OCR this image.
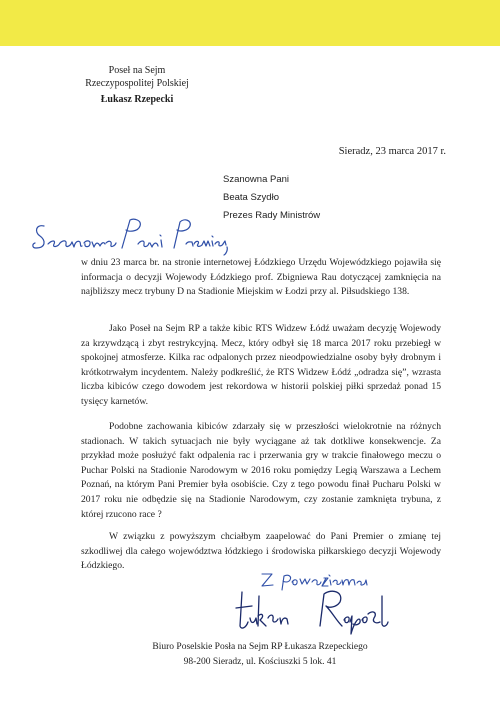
Poseł na Sejm
Rzeczypospolitej Polskiej
Łukasz Rzepecki
Sieradz, 23 marca 2017 r.
Szanowna Pani
Beata Szydło
Prezes Rady Ministrów

w dniu 23 marca br. na stronie internetowej Łódzkiego Urzędu Wojewódzkiego pojawiła się informacja o decyzji Wojewody Łódzkiego prof. Zbigniewa Rau dotyczącej zamknięcia na najbliższy mecz trybuny D na Stadionie Miejskim w Łodzi przy al. Piłsudskiego 138.

Jako Poseł na Sejm RP a także kibic RTS Widzew Łódź uważam decyzję Wojewody za krzywdzącą i zbyt restrykcyjną. Mecz, który odbył się 18 marca 2017 roku przebiegł w spokojnej atmosferze. Kilka rac odpalonych przez nieodpowiedzialne osoby były drobnym i krótkotrwałym incydentem. Należy podkreślić, że RTS Widzew Łódź „odradza się”, wzrasta liczba kibiców czego dowodem jest rekordowa w historii polskiej piłki sprzedaż ponad 15 tysięcy karnetów.

Podobne zachowania kibiców zdarzały się w przeszłości wielokrotnie na różnych stadionach. W takich sytuacjach nie były wyciągane aż tak dotkliwe konsekwencje. Za przykład może posłużyć fakt odpalenia rac i przerwania gry w trakcie finałowego meczu o Puchar Polski na Stadionie Narodowym w 2016 roku pomiędzy Legią Warszawa a Lechem Poznań, na którym Pani Premier była osobiście. Czy z tego powodu finał Pucharu Polski w 2017 roku nie odbędzie się na Stadionie Narodowym, czy zostanie zamknięta trybuna, z której rzucono race ?

W związku z powyższym chciałbym zaapelować do Pani Premier o zmianę tej szkodliwej dla całego województwa łódzkiego i środowiska piłkarskiego decyzji Wojewody Łódzkiego.

Biuro Poselskie Posła na Sejm RP Łukasza Rzepeckiego
98-200 Sieradz, ul. Kościuszki 5 lok. 41
